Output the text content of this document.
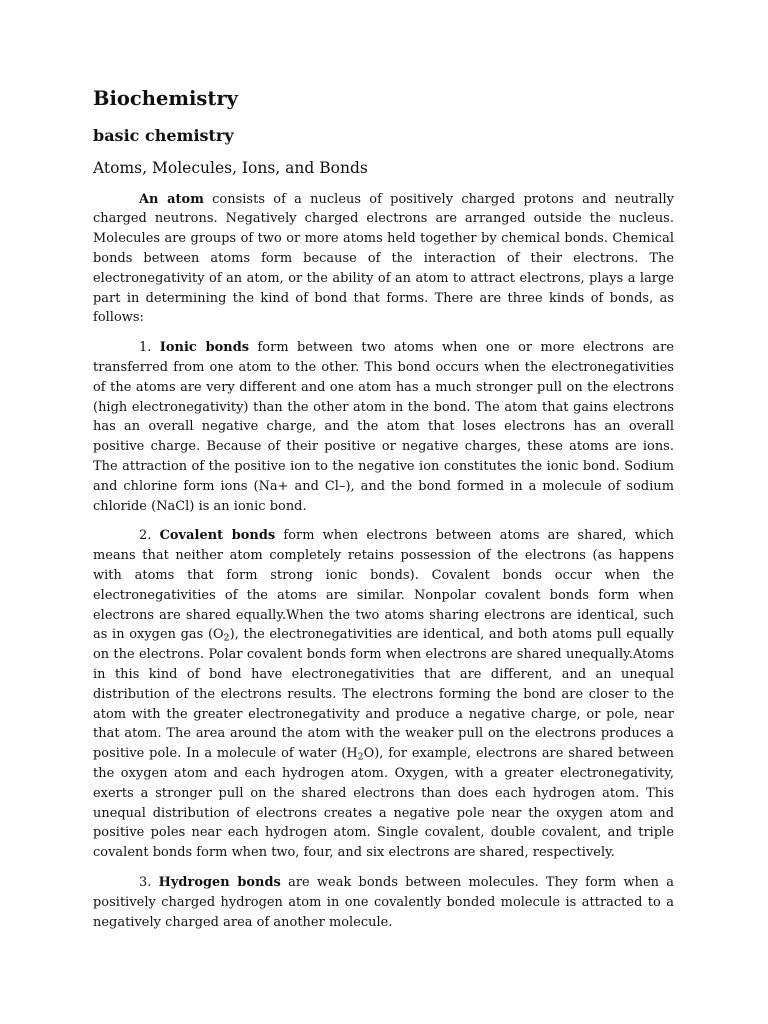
Biochemistry
basic chemistry
Atoms, Molecules, Ions, and Bonds

An atom consists of a nucleus of positively charged protons and neutrally charged neutrons. Negatively charged electrons are arranged outside the nucleus. Molecules are groups of two or more atoms held together by chemical bonds. Chemical bonds between atoms form because of the interaction of their electrons. The electronegativity of an atom, or the ability of an atom to attract electrons, plays a large part in determining the kind of bond that forms. There are three kinds of bonds, as follows:

1. Ionic bonds form between two atoms when one or more electrons are transferred from one atom to the other. This bond occurs when the electronegativities of the atoms are very different and one atom has a much stronger pull on the electrons (high electronegativity) than the other atom in the bond. The atom that gains electrons has an overall negative charge, and the atom that loses electrons has an overall positive charge. Because of their positive or negative charges, these atoms are ions. The attraction of the positive ion to the negative ion constitutes the ionic bond. Sodium and chlorine form ions (Na+ and Cl–), and the bond formed in a molecule of sodium chloride (NaCl) is an ionic bond.

2. Covalent bonds form when electrons between atoms are shared, which means that neither atom completely retains possession of the electrons (as happens with atoms that form strong ionic bonds). Covalent bonds occur when the electronegativities of the atoms are similar. Nonpolar covalent bonds form when electrons are shared equally.When the two atoms sharing electrons are identical, such as in oxygen gas $(O_2)$, the electronegativities are identical, and both atoms pull equally on the electrons. Polar covalent bonds form when electrons are shared unequally.Atoms in this kind of bond have electronegativities that are different, and an unequal distribution of the electrons results. The electrons forming the bond are closer to the atom with the greater electronegativity and produce a negative charge, or pole, near that atom. The area around the atom with the weaker pull on the electrons produces a positive pole. In a molecule of water $(H_2O)$, for example, electrons are shared between the oxygen atom and each hydrogen atom. Oxygen, with a greater electronegativity, exerts a stronger pull on the shared electrons than does each hydrogen atom. This unequal distribution of electrons creates a negative pole near the oxygen atom and positive poles near each hydrogen atom. Single covalent, double covalent, and triple covalent bonds form when two, four, and six electrons are shared, respectively.

3. Hydrogen bonds are weak bonds between molecules. They form when a positively charged hydrogen atom in one covalently bonded molecule is attracted to a negatively charged area of another molecule.
